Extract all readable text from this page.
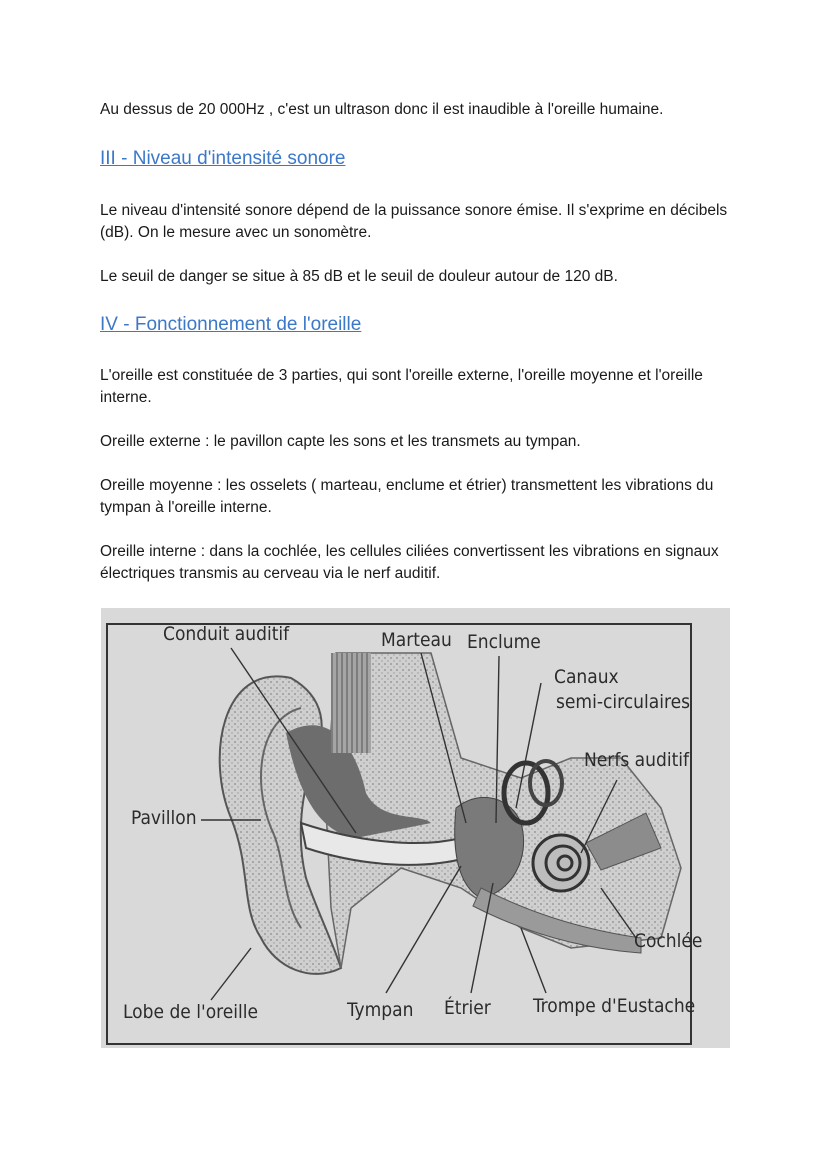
Au dessus de 20 000Hz , c'est un ultrason donc il est inaudible à l'oreille humaine.

III - Niveau d'intensité sonore

Le niveau d'intensité sonore dépend de la puissance sonore émise. Il s'exprime en décibels (dB). On le mesure avec un sonomètre.

Le seuil de danger se situe à 85 dB et le seuil de douleur autour de 120 dB.

IV - Fonctionnement de l'oreille

L'oreille est constituée de 3 parties, qui sont l'oreille externe, l'oreille moyenne et l'oreille interne.

Oreille externe : le pavillon capte les sons et les transmets au tympan.

Oreille moyenne : les osselets ( marteau, enclume et étrier) transmettent les vibrations du tympan à l'oreille interne.

Oreille interne : dans la cochlée, les cellules ciliées convertissent les vibrations en signaux électriques transmis au cerveau via le nerf auditif.

Conduit auditif	Marteau Enclume
Canaux
semi-circulaires
Nerfs auditif
Pavillon
Cochlée
Lobe de l'oreille	Tympan Étrier Trompe d'Eustache
